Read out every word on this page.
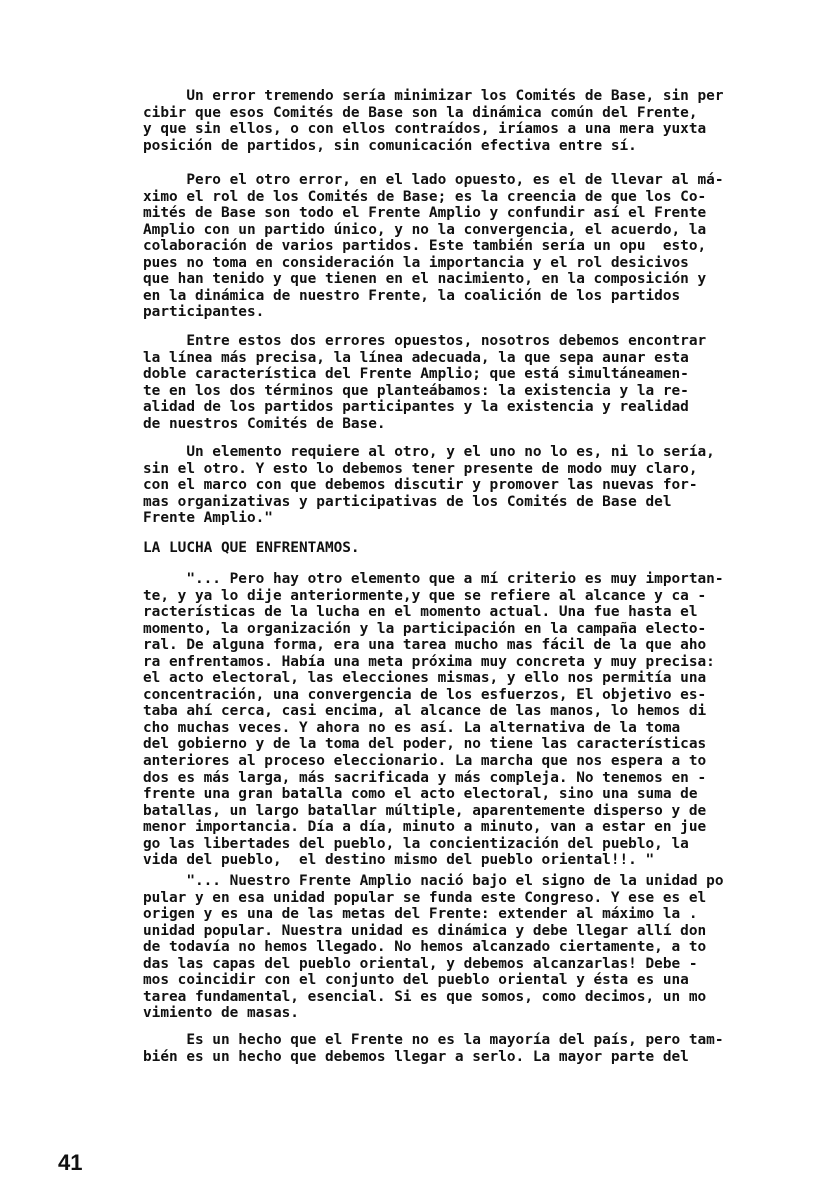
Un error tremendo sería minimizar los Comités de Base, sin per
cibir que esos Comités de Base son la dinámica común del Frente,
y que sin ellos, o con ellos contraídos, iríamos a una mera yuxta
posición de partidos, sin comunicación efectiva entre sí.
Pero el otro error, en el lado opuesto, es el de llevar al má-
ximo el rol de los Comités de Base; es la creencia de que los Co-
mités de Base son todo el Frente Amplio y confundir así el Frente
Amplio con un partido único, y no la convergencia, el acuerdo, la
colaboración de varios partidos. Este también sería un opu  esto,
pues no toma en consideración la importancia y el rol desicivos
que han tenido y que tienen en el nacimiento, en la composición y
en la dinámica de nuestro Frente, la coalición de los partidos
participantes.
Entre estos dos errores opuestos, nosotros debemos encontrar
la línea más precisa, la línea adecuada, la que sepa aunar esta
doble característica del Frente Amplio; que está simultáneamen-
te en los dos términos que planteábamos: la existencia y la re-
alidad de los partidos participantes y la existencia y realidad
de nuestros Comités de Base.
Un elemento requiere al otro, y el uno no lo es, ni lo sería,
sin el otro. Y esto lo debemos tener presente de modo muy claro,
con el marco con que debemos discutir y promover las nuevas for-
mas organizativas y participativas de los Comités de Base del
Frente Amplio."
LA LUCHA QUE ENFRENTAMOS.
"... Pero hay otro elemento que a mí criterio es muy importan-
te, y ya lo dije anteriormente,y que se refiere al alcance y ca -
racterísticas de la lucha en el momento actual. Una fue hasta el
momento, la organización y la participación en la campaña electo-
ral. De alguna forma, era una tarea mucho mas fácil de la que aho
ra enfrentamos. Había una meta próxima muy concreta y muy precisa:
el acto electoral, las elecciones mismas, y ello nos permitía una
concentración, una convergencia de los esfuerzos, El objetivo es-
taba ahí cerca, casi encima, al alcance de las manos, lo hemos di
cho muchas veces. Y ahora no es así. La alternativa de la toma
del gobierno y de la toma del poder, no tiene las características
anteriores al proceso eleccionario. La marcha que nos espera a to
dos es más larga, más sacrificada y más compleja. No tenemos en -
frente una gran batalla como el acto electoral, sino una suma de
batallas, un largo batallar múltiple, aparentemente disperso y de
menor importancia. Día a día, minuto a minuto, van a estar en jue
go las libertades del pueblo, la concientización del pueblo, la
vida del pueblo,  el destino mismo del pueblo oriental!!. "
"... Nuestro Frente Amplio nació bajo el signo de la unidad po
pular y en esa unidad popular se funda este Congreso. Y ese es el
origen y es una de las metas del Frente: extender al máximo la .
unidad popular. Nuestra unidad es dinámica y debe llegar allí don
de todavía no hemos llegado. No hemos alcanzado ciertamente, a to
das las capas del pueblo oriental, y debemos alcanzarlas! Debe -
mos coincidir con el conjunto del pueblo oriental y ésta es una
tarea fundamental, esencial. Si es que somos, como decimos, un mo
vimiento de masas.
Es un hecho que el Frente no es la mayoría del país, pero tam-
bién es un hecho que debemos llegar a serlo. La mayor parte del
41
